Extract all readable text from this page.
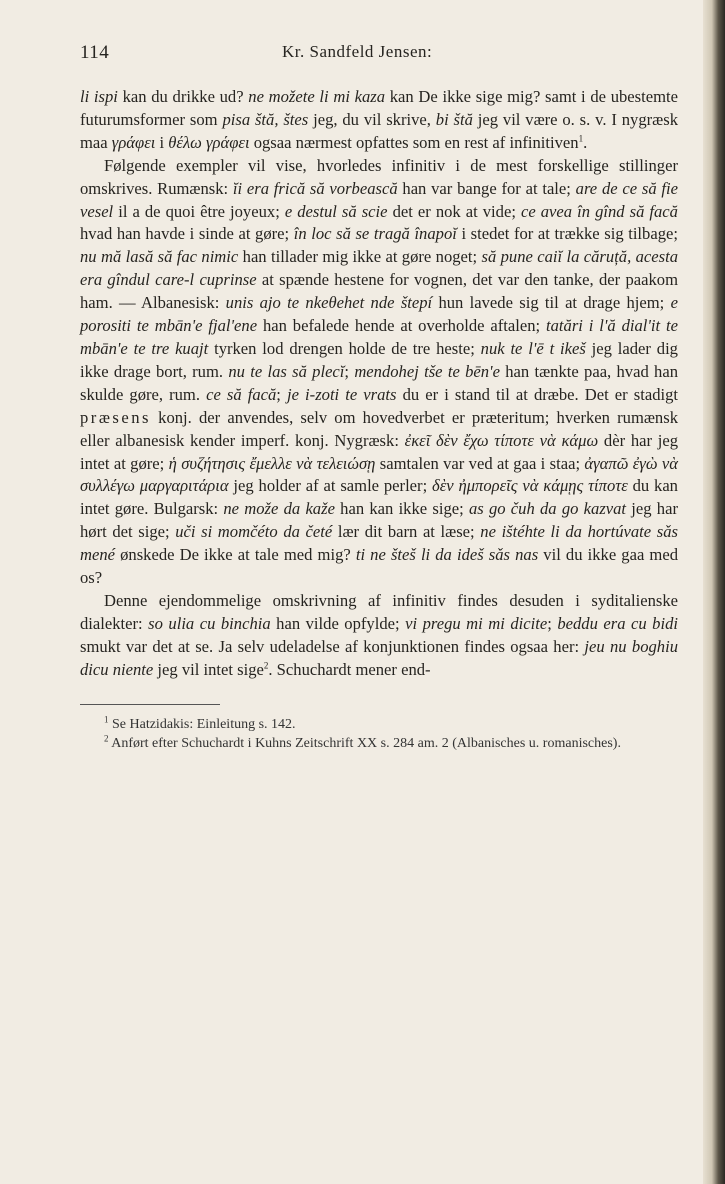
114	Kr. Sandfeld Jensen:

li ispi kan du drikke ud? ne možete li mi kaza kan De ikke sige mig? samt i de ubestemte futurumsformer som pisa štă, štes jeg, du vil skrive, bi štă jeg vil være o. s. v. I nygræsk maa γράφει i θέλω γράφει ogsaa nærmest opfattes som en rest af infinitiven$^1$.

Følgende exempler vil vise, hvorledes infinitiv i de mest forskellige stillinger omskrives. Rumænsk: ĭi era frică să vorbească han var bange for at tale; are de ce să fie vesel il a de quoi être joyeux; e destul să scie det er nok at vide; ce avea în gînd să facă hvad han havde i sinde at gøre; în loc să se tragă înapoĭ i stedet for at trække sig tilbage; nu mă lasă să fac nimic han tillader mig ikke at gøre noget; să pune caiĭ la căruță, acesta era gîndul care-l cuprinse at spænde hestene for vognen, det var den tanke, der paakom ham. — Albanesisk: unis ajo te nkeθehet nde štepí hun lavede sig til at drage hjem; e porositi te mbān'e fjal'ene han befalede hende at overholde aftalen; tatări i l'ă dial'it te mbān'e te tre kuajt tyrken lod drengen holde de tre heste; nuk te l'ē t ikeš jeg lader dig ikke drage bort, rum. nu te las să plecĭ; mendohej tše te bēn'e han tænkte paa, hvad han skulde gøre, rum. ce să facă; je i-zoti te vrats du er i stand til at dræbe. Det er stadigt præsens konj. der anvendes, selv om hovedverbet er præteritum; hverken rumænsk eller albanesisk kender imperf. konj. Nygræsk: ἐκεῖ δὲν ἔχω τίποτε νὰ κάμω dèr har jeg intet at gøre; ἡ συζήτησις ἔμελλε νὰ τελειώσῃ samtalen var ved at gaa i staa; ἀγαπῶ ἐγὼ νὰ συλλέγω μαργαριτάρια jeg holder af at samle perler; δὲν ἠμπορεῖς νὰ κάμῃς τίποτε du kan intet gøre. Bulgarsk: ne može da kaže han kan ikke sige; as go čuh da go kazvat jeg har hørt det sige; uči si momčéto da četé lær dit barn at læse; ne ištéhte li da hortúvate sǎs mené ønskede De ikke at tale med mig? ti ne šteš li da ideš sǎs nas vil du ikke gaa med os?

Denne ejendommelige omskrivning af infinitiv findes desuden i syditalienske dialekter: so ulia cu binchia han vilde opfylde; vi pregu mi mi dicite; beddu era cu bidi smukt var det at se. Ja selv udeladelse af konjunktionen findes ogsaa her: jeu nu boghiu dicu niente jeg vil intet sige$^2$. Schuchardt mener end-

$^1$ Se Hatzidakis: Einleitung s. 142.

$^2$ Anført efter Schuchardt i Kuhns Zeitschrift XX s. 284 am. 2 (Albanisches u. romanisches).
